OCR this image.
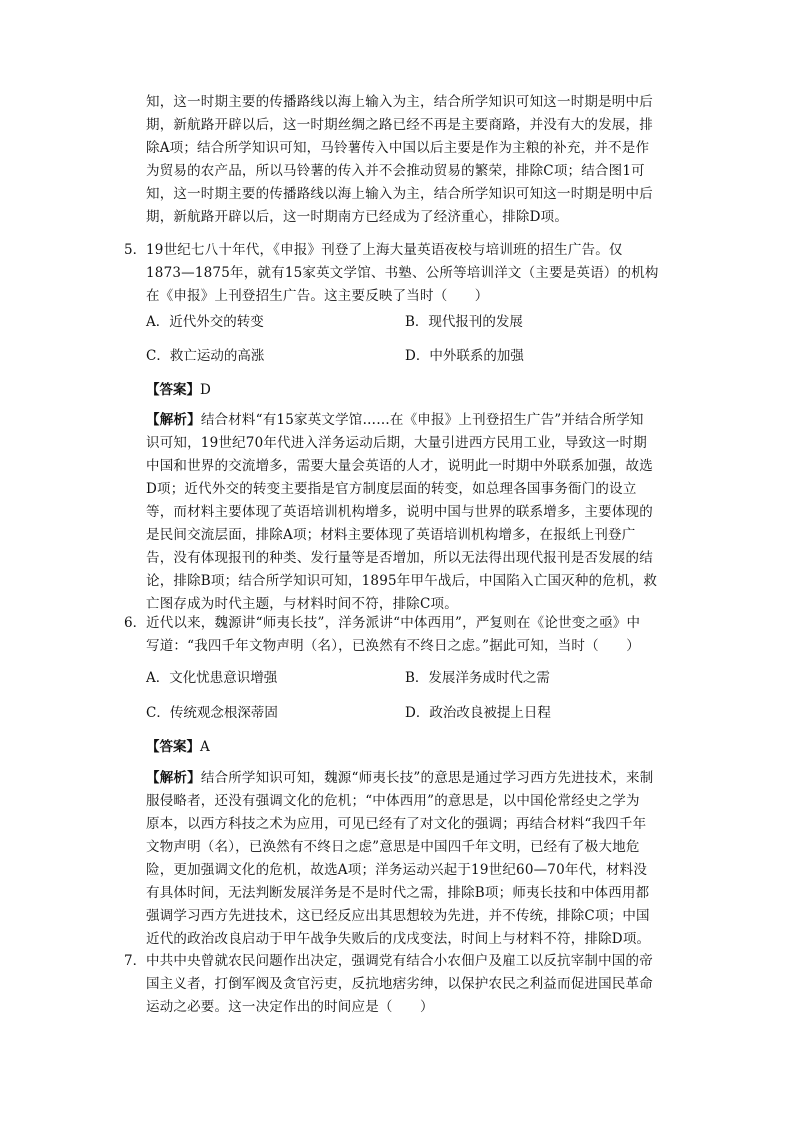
知，这一时期主要的传播路线以海上输入为主，结合所学知识可知这一时期是明中后
期，新航路开辟以后，这一时期丝绸之路已经不再是主要商路，并没有大的发展，排
除A项；结合所学知识可知，马铃薯传入中国以后主要是作为主粮的补充，并不是作
为贸易的农产品，所以马铃薯的传入并不会推动贸易的繁荣，排除C项；结合图1可
知，这一时期主要的传播路线以海上输入为主，结合所学知识可知这一时期是明中后
期，新航路开辟以后，这一时期南方已经成为了经济重心，排除D项。
5． 19世纪七八十年代，《申报》刊登了上海大量英语夜校与培训班的招生广告。仅
1873—1875年，就有15家英文学馆、书塾、公所等培训洋文（主要是英语）的机构
在《申报》上刊登招生广告。这主要反映了当时（　　）
A．近代外交的转变	B．现代报刊的发展
C．救亡运动的高涨	D．中外联系的加强
【答案】D
【解析】结合材料“有15家英文学馆……在《申报》上刊登招生广告”并结合所学知
识可知，19世纪70年代进入洋务运动后期，大量引进西方民用工业，导致这一时期
中国和世界的交流增多，需要大量会英语的人才，说明此一时期中外联系加强，故选
D项；近代外交的转变主要指是官方制度层面的转变，如总理各国事务衙门的设立
等，而材料主要体现了英语培训机构增多，说明中国与世界的联系增多，主要体现的
是民间交流层面，排除A项；材料主要体现了英语培训机构增多，在报纸上刊登广
告，没有体现报刊的种类、发行量等是否增加，所以无法得出现代报刊是否发展的结
论，排除B项；结合所学知识可知，1895年甲午战后，中国陷入亡国灭种的危机，救
亡图存成为时代主题，与材料时间不符，排除C项。
6． 近代以来，魏源讲“师夷长技”，洋务派讲“中体西用”，严复则在《论世变之亟》中
写道：“我四千年文物声明（名），已涣然有不终日之虑。”据此可知，当时（　　）
A．文化忧患意识增强	B．发展洋务成时代之需
C．传统观念根深蒂固	D．政治改良被提上日程
【答案】A
【解析】结合所学知识可知，魏源“师夷长技”的意思是通过学习西方先进技术，来制
服侵略者，还没有强调文化的危机；“中体西用”的意思是，以中国伦常经史之学为
原本，以西方科技之术为应用，可见已经有了对文化的强调；再结合材料“我四千年
文物声明（名），已涣然有不终日之虑”意思是中国四千年文明，已经有了极大地危
险，更加强调文化的危机，故选A项；洋务运动兴起于19世纪60—70年代，材料没
有具体时间，无法判断发展洋务是不是时代之需，排除B项；师夷长技和中体西用都
强调学习西方先进技术，这已经反应出其思想较为先进，并不传统，排除C项；中国
近代的政治改良启动于甲午战争失败后的戊戌变法，时间上与材料不符，排除D项。
7． 中共中央曾就农民问题作出决定，强调党有结合小农佃户及雇工以反抗宰制中国的帝
国主义者，打倒军阀及贪官污吏，反抗地痞劣绅，以保护农民之利益而促进国民革命
运动之必要。这一决定作出的时间应是（　　）
